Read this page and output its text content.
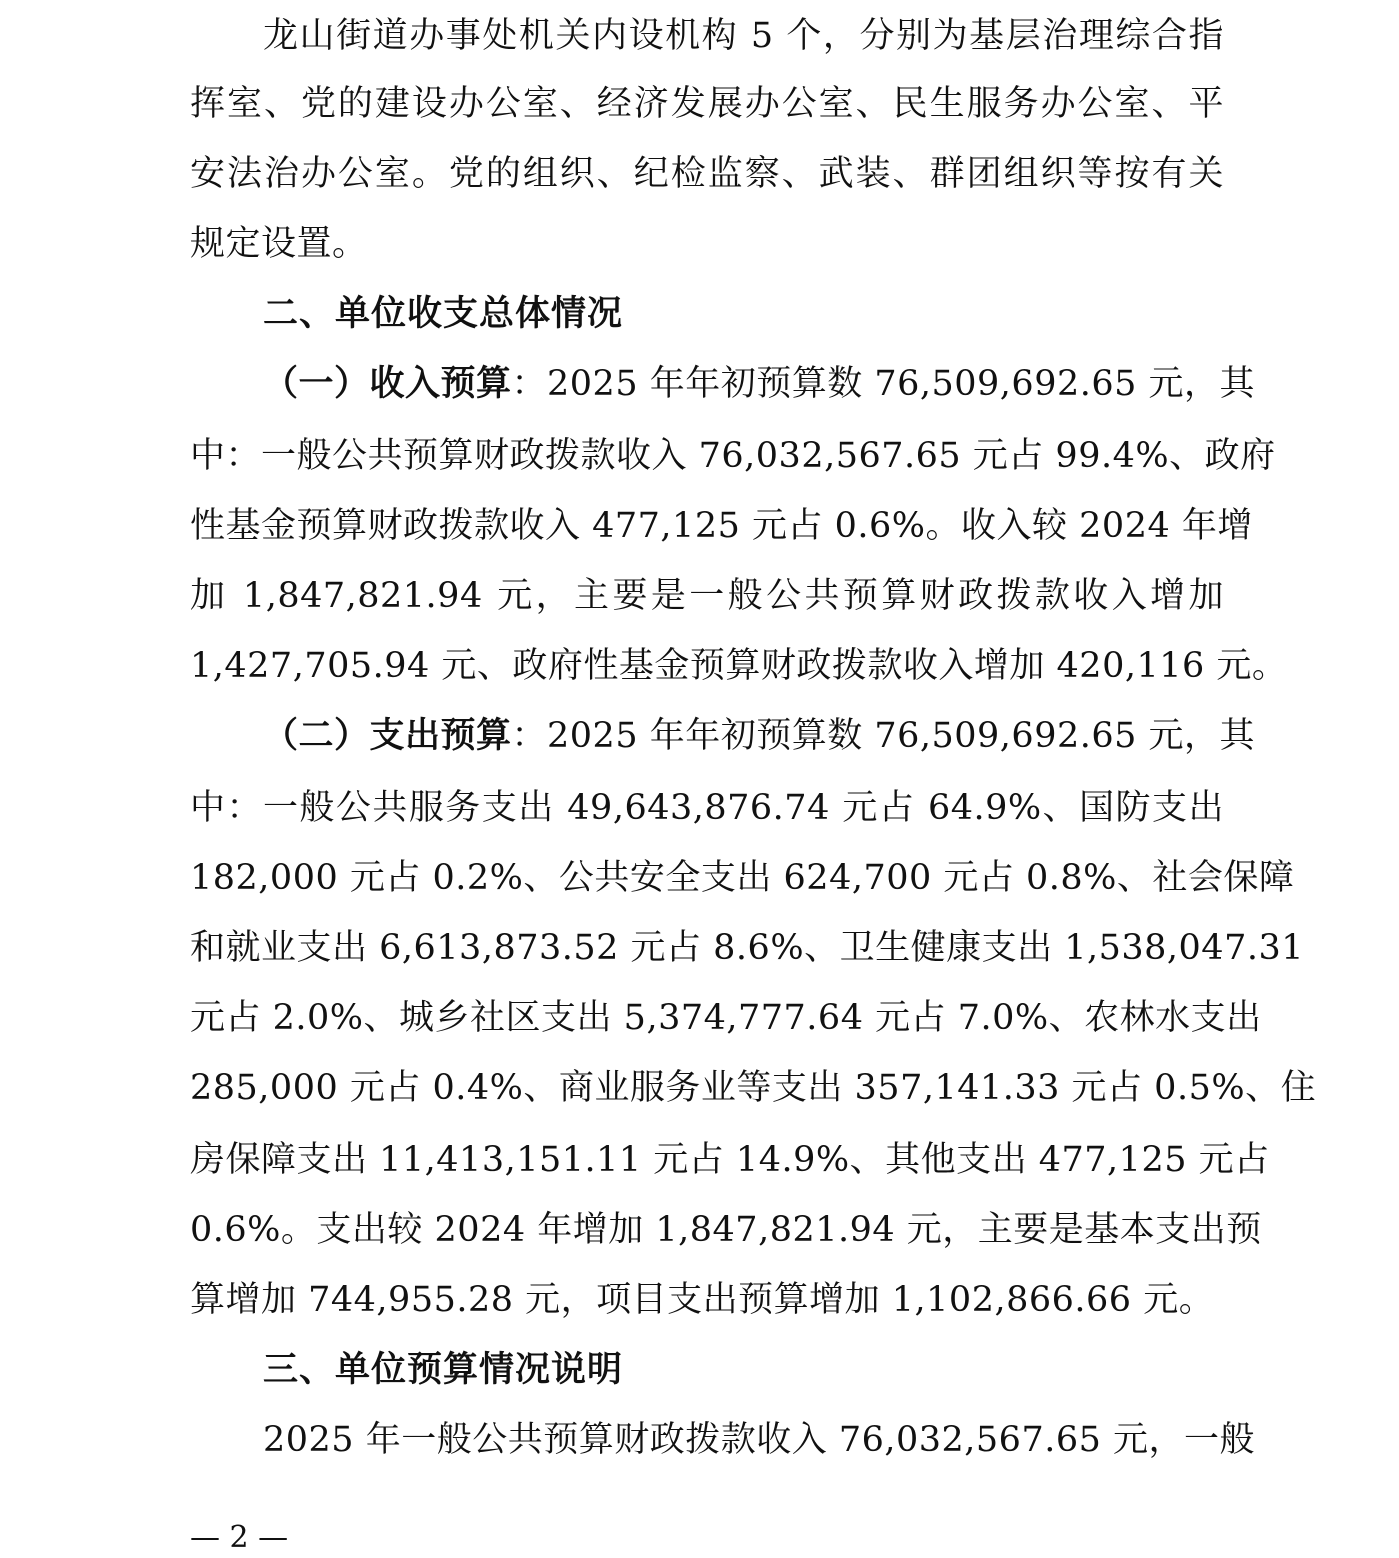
龙山街道办事处机关内设机构 5 个，分别为基层治理综合指
挥室、党的建设办公室、经济发展办公室、民生服务办公室、平
安法治办公室。党的组织、纪检监察、武装、群团组织等按有关
规定设置。
二、单位收支总体情况
（一）收入预算：2025 年年初预算数 76,509,692.65 元，其
中：一般公共预算财政拨款收入 76,032,567.65 元占 99.4%、政府
性基金预算财政拨款收入 477,125 元占 0.6%。收入较 2024 年增
加 1,847,821.94 元，主要是一般公共预算财政拨款收入增加
1,427,705.94 元、政府性基金预算财政拨款收入增加 420,116 元。
（二）支出预算：2025 年年初预算数 76,509,692.65 元，其
中：一般公共服务支出 49,643,876.74 元占 64.9%、国防支出
182,000 元占 0.2%、公共安全支出 624,700 元占 0.8%、社会保障
和就业支出 6,613,873.52 元占 8.6%、卫生健康支出 1,538,047.31
元占 2.0%、城乡社区支出 5,374,777.64 元占 7.0%、农林水支出
285,000 元占 0.4%、商业服务业等支出 357,141.33 元占 0.5%、住
房保障支出 11,413,151.11 元占 14.9%、其他支出 477,125 元占
0.6%。支出较 2024 年增加 1,847,821.94 元，主要是基本支出预
算增加 744,955.28 元，项目支出预算增加 1,102,866.66 元。
三、单位预算情况说明
2025 年一般公共预算财政拨款收入 76,032,567.65 元，一般
— 2 —
